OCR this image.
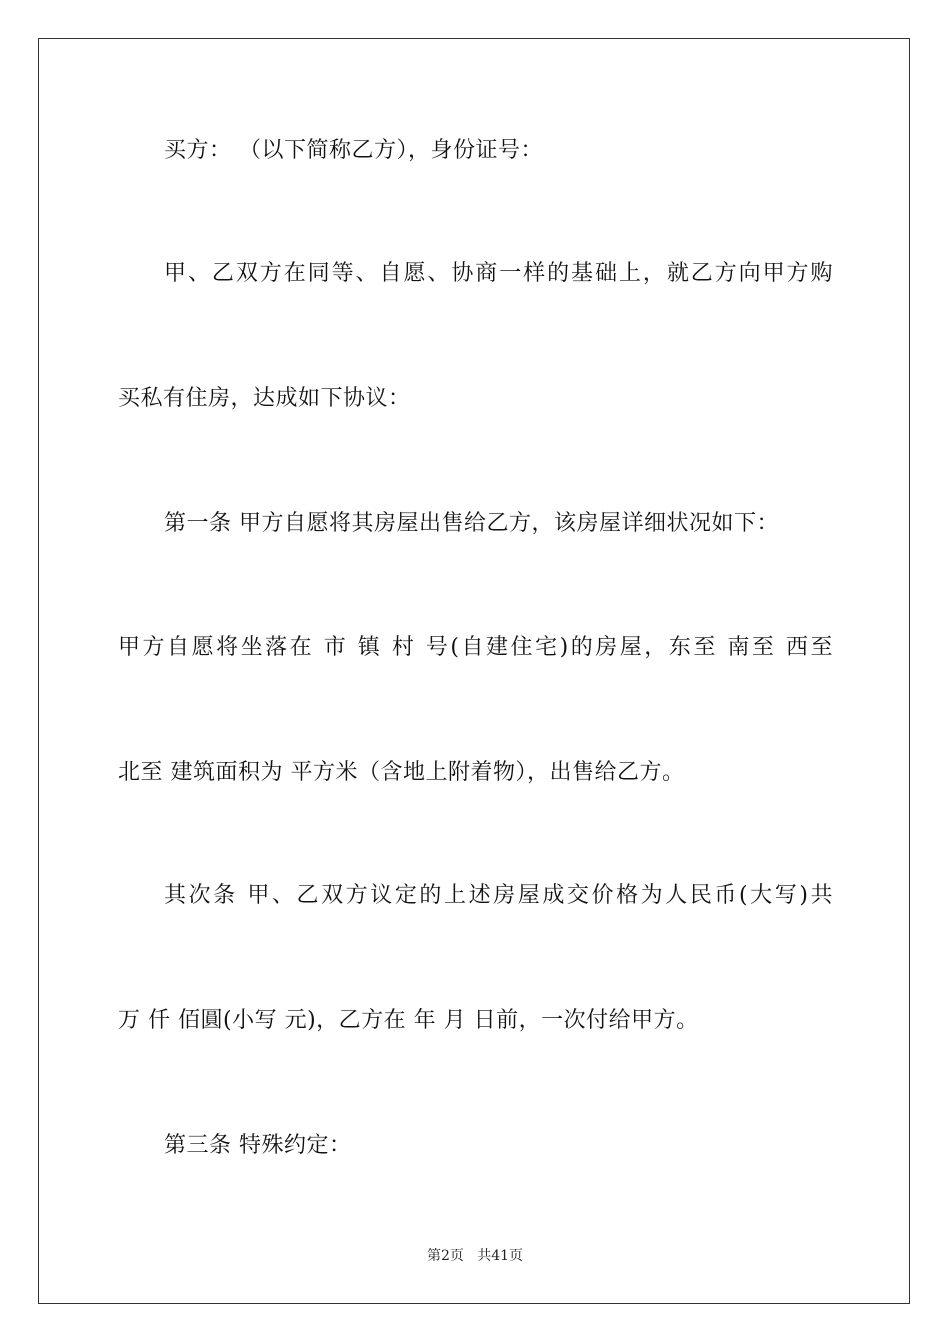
买方： （以下简称乙方），身份证号：
甲、乙双方在同等、自愿、协商一样的基础上，就乙方向甲方购
买私有住房，达成如下协议：
第一条 甲方自愿将其房屋出售给乙方，该房屋详细状况如下：
甲方自愿将坐落在 市 镇 村 号(自建住宅)的房屋，东至 南至 西至
北至 建筑面积为 平方米（含地上附着物），出售给乙方。
其次条 甲、乙双方议定的上述房屋成交价格为人民币(大写)共
万 仟 佰圓(小写 元)，乙方在 年 月 日前，一次付给甲方。
第三条 特殊约定：
第2页   共41页
